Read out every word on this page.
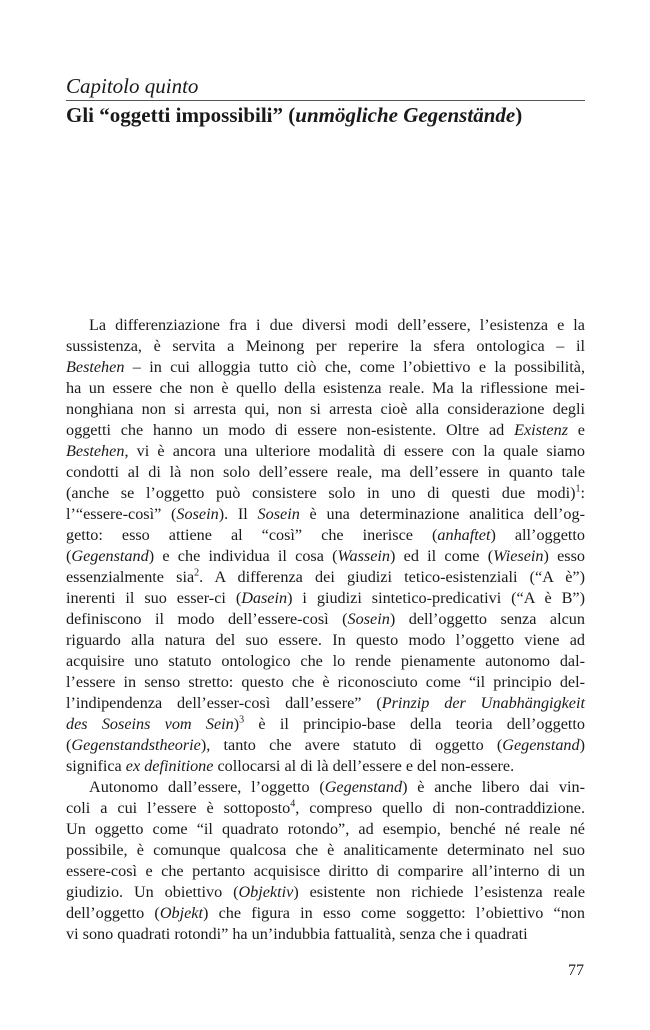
Capitolo quinto
Gli “oggetti impossibili” (unmögliche Gegenstände)
La differenziazione fra i due diversi modi dell’essere, l’esistenza e la
sussistenza, è servita a Meinong per reperire la sfera ontologica – il
Bestehen – in cui alloggia tutto ciò che, come l’obiettivo e la possibilità,
ha un essere che non è quello della esistenza reale. Ma la riflessione mei-
nonghiana non si arresta qui, non si arresta cioè alla considerazione degli
oggetti che hanno un modo di essere non-esistente. Oltre ad Existenz e
Bestehen, vi è ancora una ulteriore modalità di essere con la quale siamo
condotti al di là non solo dell’essere reale, ma dell’essere in quanto tale
(anche se l’oggetto può consistere solo in uno di questi due modi)$^1$:
l’“essere-così” (Sosein). Il Sosein è una determinazione analitica dell’og-
getto: esso attiene al “così” che inerisce (anhaftet) all’oggetto
(Gegenstand) e che individua il cosa (Wassein) ed il come (Wiesein) esso
essenzialmente sia$^2$. A differenza dei giudizi tetico-esistenziali (“A è”)
inerenti il suo esser-ci (Dasein) i giudizi sintetico-predicativi (“A è B”)
definiscono il modo dell’essere-così (Sosein) dell’oggetto senza alcun
riguardo alla natura del suo essere. In questo modo l’oggetto viene ad
acquisire uno statuto ontologico che lo rende pienamente autonomo dal-
l’essere in senso stretto: questo che è riconosciuto come “il principio del-
l’indipendenza dell’esser-così dall’essere” (Prinzip der Unabhängigkeit
des Soseins vom Sein)$^3$ è il principio-base della teoria dell’oggetto
(Gegenstandstheorie), tanto che avere statuto di oggetto (Gegenstand)
significa ex definitione collocarsi al di là dell’essere e del non-essere.
Autonomo dall’essere, l’oggetto (Gegenstand) è anche libero dai vin-
coli a cui l’essere è sottoposto$^4$, compreso quello di non-contraddizione.
Un oggetto come “il quadrato rotondo”, ad esempio, benché né reale né
possibile, è comunque qualcosa che è analiticamente determinato nel suo
essere-così e che pertanto acquisisce diritto di comparire all’interno di un
giudizio. Un obiettivo (Objektiv) esistente non richiede l’esistenza reale
dell’oggetto (Objekt) che figura in esso come soggetto: l’obiettivo “non
vi sono quadrati rotondi” ha un’indubbia fattualità, senza che i quadrati
77
